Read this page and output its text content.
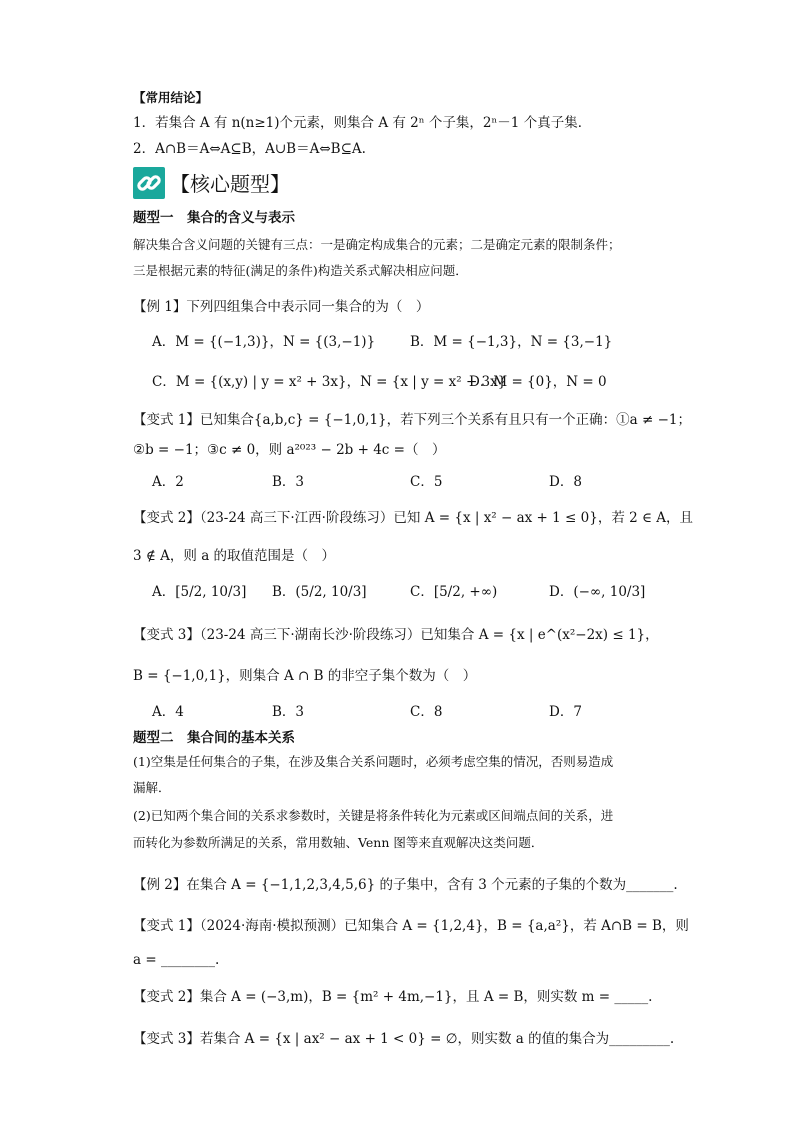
【常用结论】
1．若集合 A 有 n(n≥1)个元素，则集合 A 有 2ⁿ 个子集，2ⁿ－1 个真子集．
2．A∩B＝A⇔A⊆B，A∪B＝A⇔B⊆A.
【核心题型】
题型一　集合的含义与表示
解决集合含义问题的关键有三点：一是确定构成集合的元素；二是确定元素的限制条件；
三是根据元素的特征(满足的条件)构造关系式解决相应问题．
【例 1】下列四组集合中表示同一集合的为（　）
A．M = {(−1,3)}，N = {(3,−1)}	B．M = {−1,3}，N = {3,−1}
C．M = {(x,y) | y = x² + 3x}，N = {x | y = x² + 3x}
D．M = {0}，N = 0
【变式 1】已知集合{a,b,c} = {−1,0,1}，若下列三个关系有且只有一个正确：①a ≠ −1；
②b = −1；③c ≠ 0，则 a²⁰²³ − 2b + 4c =（　）
A．2	B．3	C．5	D．8
【变式 2】（23-24 高三下·江西·阶段练习）已知 A = {x | x² − ax + 1 ≤ 0}，若 2 ∈ A，且
3 ∉ A，则 a 的取值范围是（　）
A．[5/2, 10/3] B．(5/2, 10/3]	C．[5/2, +∞)	D．(−∞, 10/3]
【变式 3】（23-24 高三下·湖南长沙·阶段练习）已知集合 A = {x | e^(x²−2x) ≤ 1}，
B = {−1,0,1}，则集合 A ∩ B 的非空子集个数为（　）
A．4	B．3	C．8	D．7
题型二　集合间的基本关系
(1)空集是任何集合的子集，在涉及集合关系问题时，必须考虑空集的情况，否则易造成
漏解．
(2)已知两个集合间的关系求参数时，关键是将条件转化为元素或区间端点间的关系，进
而转化为参数所满足的关系，常用数轴、Venn 图等来直观解决这类问题．
【例 2】在集合 A = {−1,1,2,3,4,5,6} 的子集中，含有 3 个元素的子集的个数为_______.
【变式 1】（2024·海南·模拟预测）已知集合 A = {1,2,4}，B = {a,a²}，若 A∩B = B，则
a = ________.
【变式 2】集合 A = (−3,m)，B = {m² + 4m,−1}，且 A = B，则实数 m = _____.
【变式 3】若集合 A = {x | ax² − ax + 1 < 0} = ∅，则实数 a 的值的集合为_________.
